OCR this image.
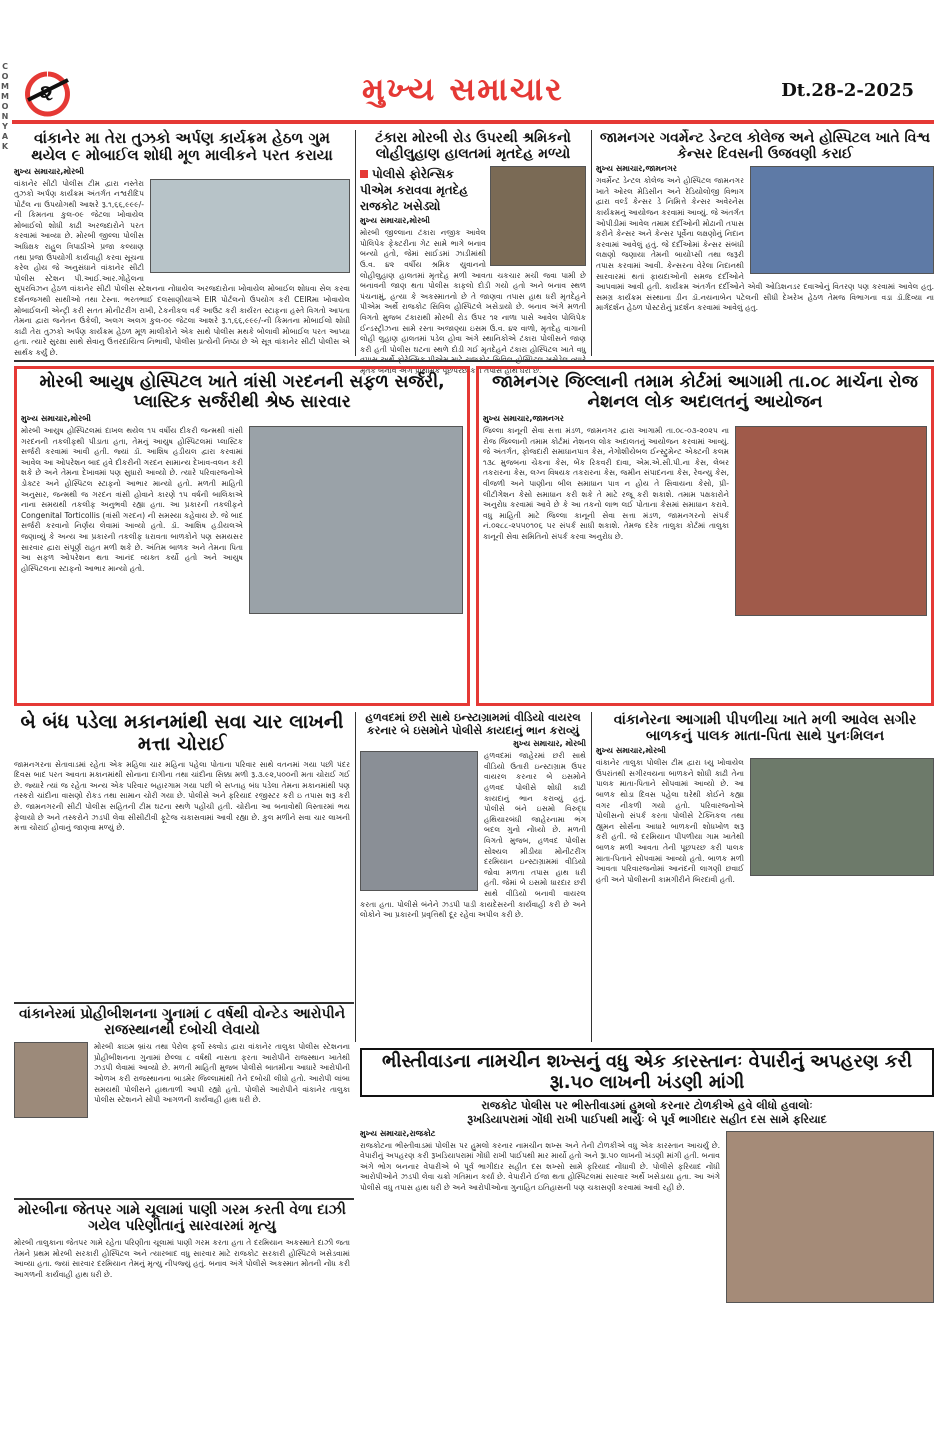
C
O
M
M
O
N
Y
A
K
૨	મુખ્ય સમાચાર	Dt.28-2-2025
વાંકાનેર મા તેરા તુઝકો અર્પણ કાર્યક્રમ હેઠળ ગુમ થયેલ ૯ મોબાઈલ શોધી મૂળ માલીકને પરત કરાયા
મુખ્ય સમાચાર,મોરબી
વાંકાનેર સીટી પોલીસ ટીમ દ્વારા નસ્તેરા તુઝકો અર્પણ કાર્યક્રમ અંતર્ગત નશ્વરીદિપ પોર્ટલ ના ઉપયોગથી આશરે રૂ.૧,૬૬,૯૯૯/- ની કિમતના કુલ-૦૯ જેટલા ખોવાયેલ મોબાઈલો શોધી કાઢી અરજદારોને પરત કરવામાં આવ્યા છે. મોરબી જીલ્લા પોલીસ અધિક્ષક રાહુલ ત્રિપાઠીએ પ્રજા કલ્યાણ તથા પ્રજા ઉપયોગી કાર્યવાહી કરવા સૂચના કરેલ હોય જે અનુસંધાને વાંકાનેર સીટી પોલીસ સ્ટેશન પી.આઈ.આર.ગોહેલના સુપરવિઝન હેઠળ વાંકાનેર સીટી પોલીસ સ્ટેશનના નોંધાયેલ અરજદારોના ખોવાયેલ મોબાઈલ શોધવા સેલ કરવા દર્શનજગથી સાથીઓ તથા ટેસ્ના. ભરતભાઈ દલસાણીયાએ EIR પોર્ટલનો ઉપયોગ કરી CEIRમા ખોવાયેલ મોબાઈલની એન્ટ્રી કરી સતત મોનીટરીંગ રાખી, ટેકનીકલ વર્ક આઉટ કરી કાર્યરત સ્ટાફના હસ્તે વિગતો આપતા તેમના દ્વારા જનેતન ઉકેલી, અલગ અલગ કુલ-૦૯ જેટલા આશરે રૂ.૧,૬૬,૯૯૯/-ની કિમતના મોબાઈલો શોધી કાઢી તેરા તુઝકો અર્પણ કાર્યક્રમ હેઠળ મૂળ માલીકોને એક સાથે પોલીસ મથકે બોલાવી મોબાઈલ પરત આપ્યા હતા. ત્યારે સુરક્ષા સાથે સેવાનુ ઉત્તરદાયિત્વ નિભાવી, પોલીસ પ્રત્યેની નિષ્ઠા છે એ સૂત્ર વાંકાનેર સીટી પોલીસ એ સાર્થક કર્યું છે.
ટંકારા મોરબી રોડ ઉપરથી શ્રમિકનો લોહીલુહાણ હાલતમાં મૃતદેહ મળ્યો
પોલીસે ફોરેન્સિક પીએમ કરાવવા મૃતદેહ રાજકોટ ખસેડ્યો
મુખ્ય સમાચાર,મોરબી
મોરબી જીલ્લાના ટંકારા નજીક આવેલ પોલિપેક ફેક્ટરીના ગેટ સામે ભાગે બનાવ બન્યો હતો, જેમાં સાઈડમાં ઝાડીમાંથી ઉ.વ. ૪૨ વર્ષીય શ્રમિક યુવાનનો લોહીલુહાણ હાલતમાં મૃતદેહ મળી આવતા ચકચાર મચી જવા પામી છે બનાવની જાણ થતા પોલીસ કાફલો દોડી ગયો હતો અને બનાવ સ્થળ પંચનામું, હત્યા કે અકસ્માતનો છે તે જાણવા તપાસ હાથ ધરી મૃતદેહને પીએમ અર્થે રાજકોટ સિવિલ હોસ્પિટલે ખસેડાયો છે. બનાવ અંગે મળતી વિગતો મુજબ ટંકારાથી મોરબી રોડ ઉપર ૧૨ નાળા પાસે આવેલ પોલિપેક ઈન્ડસ્ટ્રીઝના સામે રસ્તા અજાણ્યા ઇસમ ઉ.વ. ૪૨ વાળો, મૃતદેહ વાગાની લોહી લુહાણ હાલતમાં પડેલ હોવા અંગે સ્થાનિકોએ ટંકારા પોલીસને જાણ કરી હતી પોલીસ ઘટના સ્થળે દોડી ગઈ મૃતદેહને ટંકારા હોસ્પિટલ ખાતે વધુ મૃતક બનાવ અંગે પ્રાથમિક પૂછપરછ કરી તપાસ હાથ ધરી છે.
જામનગર ગવર્મેન્ટ ડેન્ટલ કોલેજ અને હોસ્પિટલ ખાતે વિશ્વ કેન્સર દિવસની ઉજવણી કરાઈ
મુખ્ય સમાચાર,જામનગર
ગવર્મેન્ટ ડેન્ટલ કોલેજ અને હોસ્પિટલ જામનગર ખાતે ઓરલ મેડિસીન અને રેડિયોલોજી વિભાગ દ્વારા વર્લ્ડ કેન્સર ડે નિમિત્તે કેન્સર અવેરનેસ કાર્યક્રમનું આયોજન કરવામાં આવ્યું. જે અંતર્ગત ઓપીડીમાં આવેલ તમામ દર્દીઓની મોઢાની તપાસ કરીને કેન્સર અને કેન્સર પૂર્વેના લક્ષણોનું નિદાન કરવામાં આવેલું હતું. જે દર્દીઓમાં કેન્સર સંબંધી લક્ષણો જણાયા તેમની બાયોપ્સી તથા જરૂરી તપાસ કરવામાં આવી. કેન્સરના વેરેલા નિદાનથી સારવારમાં થતાં ફાયદાઓની સમજ દર્દીઓને આપવામાં આવી હતી. કાર્યક્રમ અંતર્ગત દર્દીઓને એવી ઓડિશનડર દવાઓનું વિતરણ પણ કરવામાં આવેલ હતુ. સમગ્ર કાર્યક્રમ સંસ્થાના ડીન ડૉ.નયનાબેન પટેલની સીધી દેખરેખ હેઠળ તેમજ વિભાગના વડા ડૉ.દિવ્યા ના માર્ગદર્શન હેઠળ પોસ્ટરોનું પ્રદર્શન કરવામાં આવેલું હતુ.
મોરબી આયુષ હોસ્પિટલ ખાતે ત્રાંસી ગરદનની સફળ સર્જરી, પ્લાસ્ટિક સર્જરીથી શ્રેષ્ઠ સારવાર
મુખ્ય સમાચાર,મોરબી
મોરબી આયુષ હોસ્પિટલમાં દાખલ થયેલ ૧૫ વર્ષીય દીકરી જન્મથી ત્રાંસી ગરદનની તકલીફથી પીડાતા હતા, તેમનું આયુષ હોસ્પિટલમાં પ્લાસ્ટિક સર્જરી કરવામાં આવી હતી. જ્યાં ડૉ. આશિષ હડીયલ દ્વારા કરવામાં આવેલ આ ઓપરેશન બાદ હવે દીકરીની ગરદન સામાન્ય દેખાવ-વલન કરી શકે છે અને તેમના દેખાવમાં પણ સુધારો આવ્યો છે. ત્યારે પરિવારજનોએ ડોક્ટર અને હોસ્પિટલ સ્ટાફનો આભાર માન્યો હતો. મળતી માહિતી અનુસાર, જન્મથી જ ગરદન ત્રાંસી હોવાને કારણે ૧૫ વર્ષની બાલિકાએ નાના સમયથી તકલીફ અનુભવી રહ્યા હતા. આ પ્રકારની તકલીફને Congenital Torticollis (ત્રાંસી ગરદન) ની સમસ્યા કહેવાય છે. જે બાદ સર્જરી કરવાનો નિર્ણય લેવામાં આવ્યો હતો. ડૉ. આશિષ હડીયલએ જણાવ્યું કે અન્ય આ પ્રકારની તકલીફ ધરાવતા બાળકોને પણ સમયસર સારવાર દ્વારા સંપૂર્ણ રાહત મળી શકે છે. અંતિમ બાળક અને તેમના પિતા આ સફળ ઓપરેશન થતા આનંદ વ્યક્ત કર્યો હતો અને આયુષ હોસ્પિટલના સ્ટાફનો આભાર માન્યો હતો.
જામનગર જિલ્લાની તમામ કોર્ટમાં આગામી તા.૦૮ માર્ચના રોજ નેશનલ લોક અદાલતનું આયોજન
મુખ્ય સમાચાર,જામનગર
જિલ્લા કાનૂની સેવા સત્તા મંડળ, જામનગર દ્વારા આગામી તા.૦૮-૦૩-૨૦૨૫ ના રોજ જિલ્લાની તમામ કોર્ટમાં નેશનલ લોક અદાલતનું આયોજન કરવામાં આવ્યું. જે અંતર્ગત, ફોજદારી સમાધાનપાત્ર કેસ, નેગોશીયેબલ ઈન્સ્ટ્રુમેન્ટ એક્ટની કલમ ૧૩૮ મુજબના ચેકના કેસ, બેંક રિકવરી દાવા, એમ.એ.સી.પી.ના કેસ, લેબર તકરારના કેસ, લગ્ન વિષયક તકરારના કેસ, જમીન સંપાદનના કેસ, રેવન્યુ કેસ, વીજળી અને પાણીના બીલ સમાધાન પાત્ર ન હોય તે સિવાયના કેસો, પ્રી-લીટીગેશન કેસો સમાધાન કરી શકે તે માટે રજૂ કરી શકાશે. તમામ પક્ષકારોને અનુરોધ કરવામાં આવે છે કે આ તકનો લાભ લઈ પોતાના કેસમાં સમાધાન કરાવે. વધુ માહિતી માટે જિલ્લા કાનૂની સેવા સત્તા મંડળ, જામનગરનો સંપર્ક નં.૦૨૮૮-૨૫૫૦૧૦૬ પર સંપર્ક સાધી શકાશે. તેમજ દરેક તાલુકા કોર્ટમાં તાલુકા કાનૂની સેવા સમિતિનો સંપર્ક કરવા અનુરોધ છે.
બે બંધ પડેલા મકાનમાંથી સવા ચાર લાખની મત્તા ચોરાઈ
જામનગરના સેતાવાડમાં રહેતા એક મહિલા ચાર મહિના પહેલા પોતાના પરિવાર સાથે વતનમાં ગયા પછી પંદર દિવસ બાદ પરત આવતા મકાનમાંથી સોનાના દાગીના તથા ચાંદીના સિક્કા મળી રૂ.૩.૯૨,૫૦૦ની મતા ચોરાઈ ગઈ છે. જ્યારે ત્યાં જ રહેતા અન્ય એક પરિવાર બહારગામ ગયા પછી બે સપ્તાહ બંધ પડેલા તેમના મકાનમાંથી પણ તસ્કરો ચાંદીના વાસણો રોકડ તથા સામાન ચોરી ગયા છે. પોલીસે અને ફરિયાદ રજીસ્ટર કરી ઇ તપાસ શરૂ કરી છે. જામનગરની સીટી પોલીસ સહિતની ટીમ ઘટના સ્થળે પહોંચી હતી. ચોરીના આ બનાવોથી વિસ્તારમાં ભય ફેલાયો છે અને તસ્કરોને ઝડપી લેવા સીસીટીવી ફૂટેજ ચકાસવામાં આવી રહ્યા છે. કુલ મળીને સવા ચાર લાખની મત્તા ચોરાઈ હોવાનું જાણવા મળ્યું છે.
હળવદમાં છરી સાથે ઇન્સ્ટાગ્રામમાં વીડિયો વાયરલ કરનાર બે ઇસમોને પોલીસે કાયદાનું ભાન કરાવ્યું
મુખ્ય સમાચાર, મોરબી
હળવદમાં જાહેરમાં છરી સાથે વીડિયો ઉતારી ઇન્સ્ટાગ્રામ ઉપર વાયરલ કરનાર બે ઇસમોને હળવદ પોલીસે શોધી કાઢી કાયદાનું ભાન કરાવ્યું હતું. પોલીસે બંને ઇસમો વિરુદ્ધ હથિયારબંધી જાહેરનામા ભંગ બદલ ગુનો નોંધ્યો છે. મળતી વિગતો મુજબ, હળવદ પોલીસ સોશ્યલ મીડીયા મોનીટરીંગ દરમિયાન ઇન્સ્ટાગ્રામમાં વીડિયો જોવા મળતા તપાસ હાથ ધરી હતી. જેમાં બે ઇસમો ધારદાર છરી સાથે વીડિયો બનાવી વાયરલ કરતા હતા. પોલીસે બંનેને ઝડપી પાડી કાયદેસરની કાર્યવાહી કરી છે અને લોકોને આ પ્રકારની પ્રવૃત્તિથી દૂર રહેવા અપીલ કરી છે.
વાંકાનેરના આગામી પીપળીયા ખાતે મળી આવેલ સગીર બાળકનું પાલક માતા-પિતા સાથે પુનઃમિલન
મુખ્ય સમાચાર,મોરબી
વાંકાનેર તાલુકા પોલીસ ટીમ દ્વારા ધ્યુ ખોવાયેલ ઉપરાંતથી સગીરવયના બાળકને શોધી કાઢી તેના પાલક માતા-પિતાને સોંપવામાં આવ્યો છે. આ બાળક થોડા દિવસ પહેલા ઘરેથી કોઈને કહ્યા વગર નીકળી ગયો હતો. પરિવારજનોએ પોલીસનો સંપર્ક કરતા પોલીસે ટેક્નિકલ તથા હ્યુમન સોર્સના આધારે બાળકની શોધખોળ શરૂ કરી હતી. જે દરમિયાન પીપળીયા ગામ ખાતેથી બાળક મળી આવતા તેની પૂછપરછ કરી પાલક માતા-પિતાને સોંપવામાં આવ્યો હતો. બાળક મળી આવતા પરિવારજનોમાં આનંદની લાગણી છવાઈ હતી અને પોલીસની કામગીરીને બિરદાવી હતી.
વાંકાનેરમાં પ્રોહીબીશનના ગુનામાં ૮ વર્ષથી વોન્ટેડ આરોપીને રાજસ્થાનથી દબોચી લેવાયો
મોરબી ક્રાઇમ બ્રાંચ તથા પેરોલ ફર્લો સ્ક્વોડ દ્વારા વાંકાનેર તાલુકા પોલીસ સ્ટેશનના પ્રોહીબીશનના ગુનામાં છેલ્લા ૮ વર્ષથી નાસતા ફરતા આરોપીને રાજસ્થાન ખાતેથી ઝડપી લેવામાં આવ્યો છે. મળતી માહિતી મુજબ પોલીસે બાતમીના આધારે આરોપીની ઓળખ કરી રાજસ્થાનના બાડમેર જિલ્લામાંથી તેને દબોચી લીધો હતો. આરોપી લાંબા સમયથી પોલીસને હાથતાળી આપી રહ્યો હતો. પોલીસે આરોપીને વાંકાનેર તાલુકા પોલીસ સ્ટેશનને સોંપી આગળની કાર્યવાહી હાથ ધરી છે.
મોરબીના જેતપર ગામે ચૂલામાં પાણી ગરમ કરતી વેળા દાઝી ગયેલ પરિણીતાનું સારવારમાં મૃત્યુ
મોરબી તાલુકાના જેતપર ગામે રહેતા પરિણીતા ચૂલામાં પાણી ગરમ કરતા હતા તે દરમિયાન અકસ્માતે દાઝી જતા તેમને પ્રથમ મોરબી સરકારી હોસ્પિટલ અને ત્યારબાદ વધુ સારવાર માટે રાજકોટ સરકારી હોસ્પિટલે ખસેડવામાં આવ્યા હતા. જ્યાં સારવાર દરમિયાન તેમનું મૃત્યુ નીપજ્યું હતું. બનાવ અંગે પોલીસે અકસ્માત મોતની નોંધ કરી આગળની કાર્યવાહી હાથ ધરી છે.
ભીસ્તીવાડના નામચીન શખ્સનું વધુ એક કારસ્તાનઃ વેપારીનું અપહરણ કરી રૂા.૫૦ લાખની ખંડણી માંગી
રાજકોટ પોલીસ પર ભીસ્તીવાડમાં હુમલો કરનાર ટોળકીએ હવે લીધો હવાલોઃ
રૂખડિયાપરામાં ગોંધી રાખી પાઈપથી માર્યુઃ બે પૂર્વ ભાગીદાર સહીત દસ સામે ફરિયાદ
મુખ્ય સમાચાર,રાજકોટ
રાજકોટના ભીસ્તીવાડમાં પોલીસ પર હુમલો કરનાર નામચીન શખ્સ અને તેની ટોળકીએ વધુ એક કારસ્તાન આચર્યું છે. વેપારીનું અપહરણ કરી રૂખડિયાપરામાં ગોંધી રાખી પાઈપથી માર માર્યો હતો અને રૂા.૫૦ લાખની ખંડણી માંગી હતી. બનાવ અંગે ભોગ બનનાર વેપારીએ બે પૂર્વ ભાગીદાર સહીત દસ શખ્સો સામે ફરિયાદ નોંધાવી છે. પોલીસે ફરિયાદ નોંધી આરોપીઓને ઝડપી લેવા ચક્રો ગતિમાન કર્યા છે. વેપારીને ઈજા થતા હોસ્પિટલમાં સારવાર અર્થે ખસેડાયા હતા. આ અંગે પોલીસે વધુ તપાસ હાથ ધરી છે અને આરોપીઓના ગુનાહિત ઇતિહાસની પણ ચકાસણી કરવામાં આવી રહી છે.
